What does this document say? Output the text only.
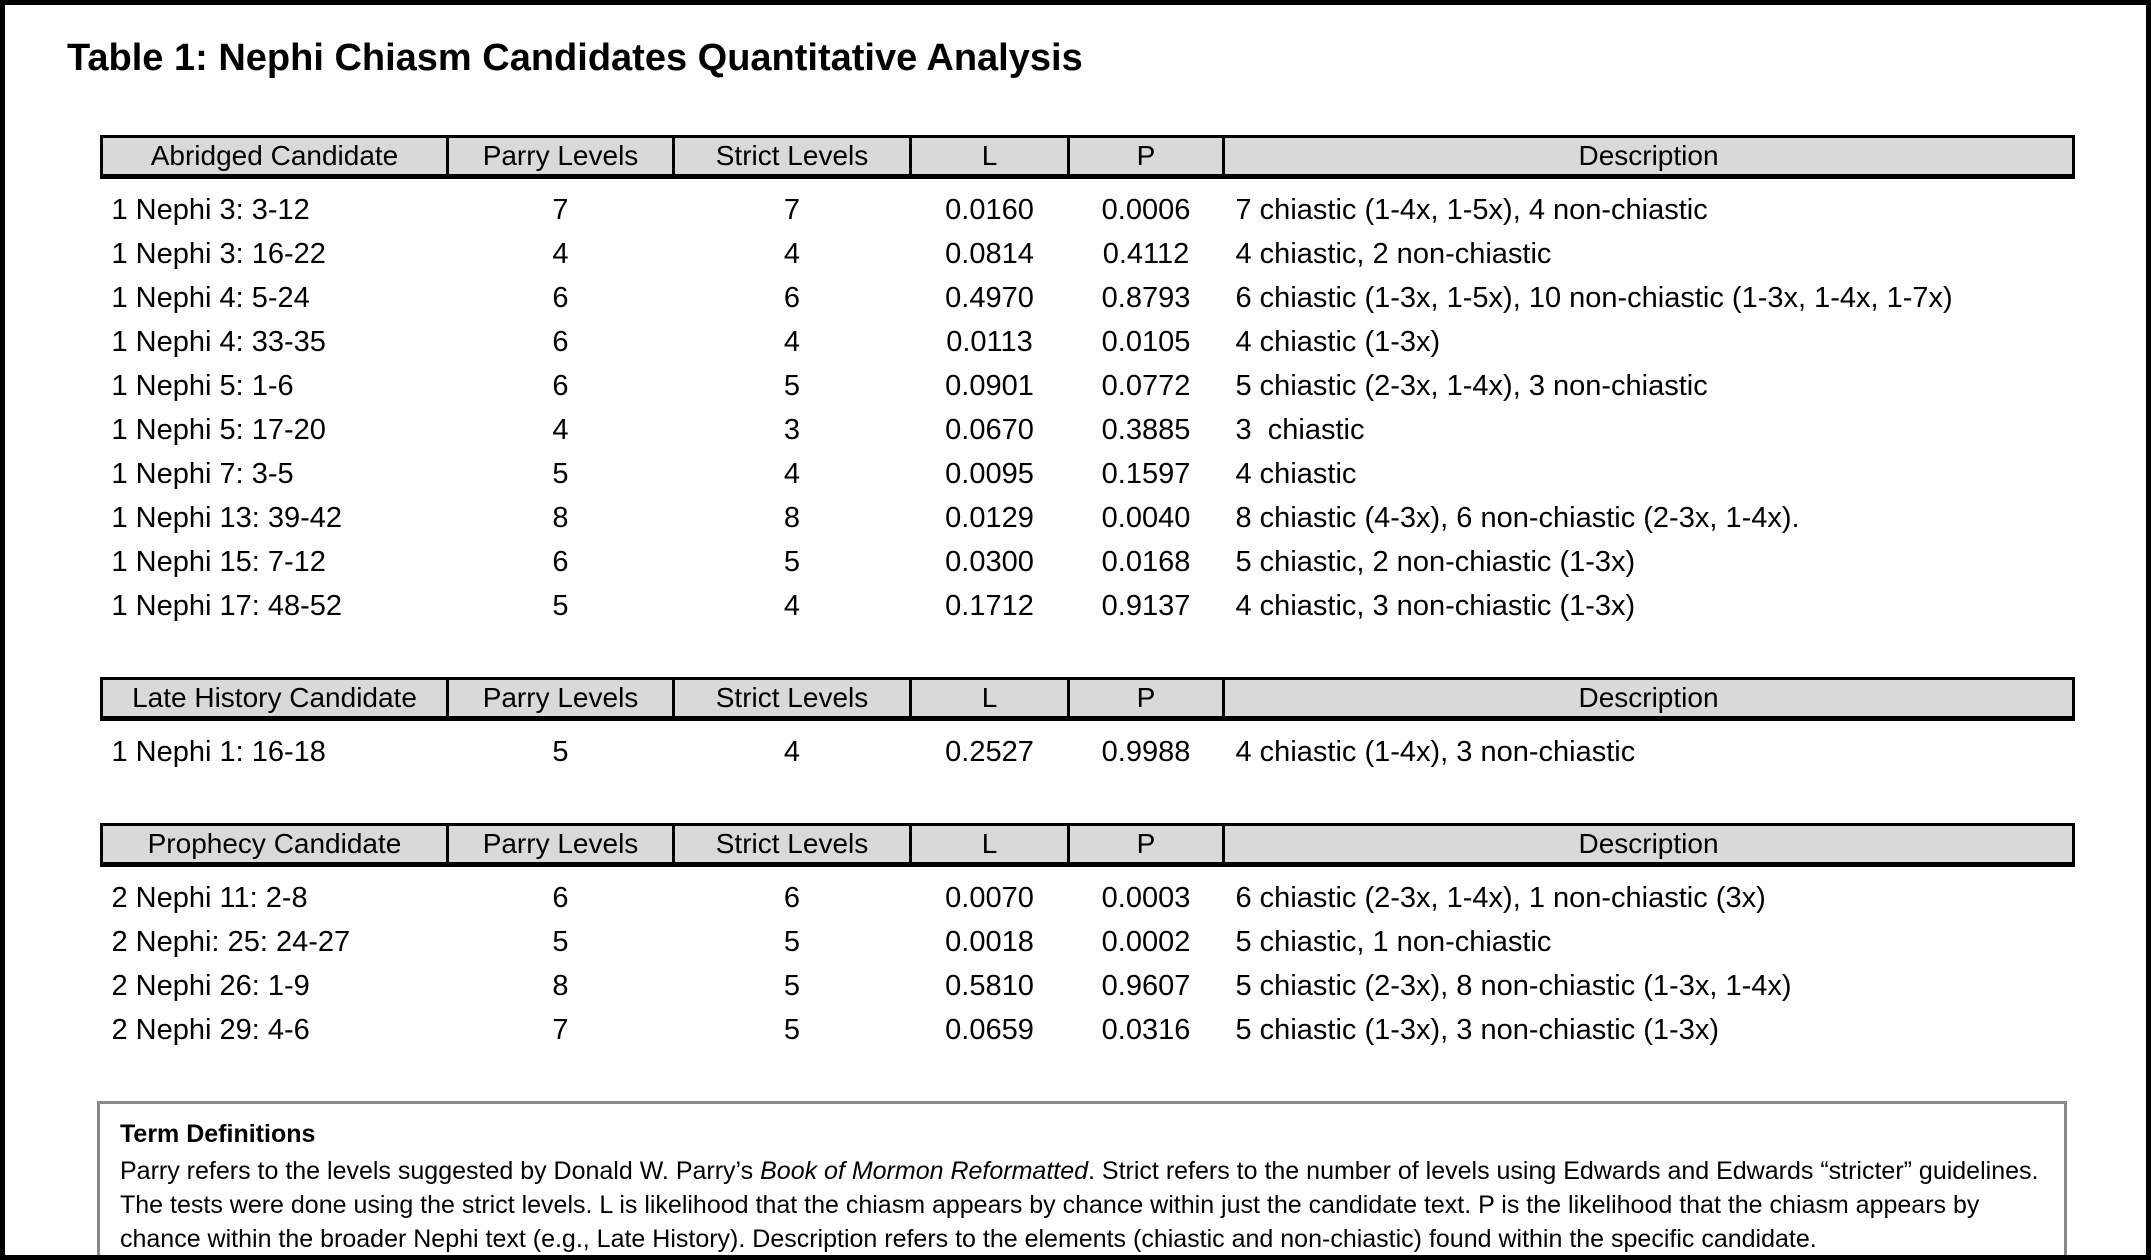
Table 1: Nephi Chiasm Candidates Quantitative Analysis
Abridged Candidate	Parry Levels	Strict Levels	L	P	Description
1 Nephi 3: 3-12	7	7	0.0160	0.0006	7 chiastic (1-4x, 1-5x), 4 non-chiastic
1 Nephi 3: 16-22	4	4	0.0814	0.4112	4 chiastic, 2 non-chiastic
1 Nephi 4: 5-24	6	6	0.4970	0.8793	6 chiastic (1-3x, 1-5x), 10 non-chiastic (1-3x, 1-4x, 1-7x)
1 Nephi 4: 33-35	6	4	0.0113	0.0105	4 chiastic (1-3x)
1 Nephi 5: 1-6	6	5	0.0901	0.0772	5 chiastic (2-3x, 1-4x), 3 non-chiastic
1 Nephi 5: 17-20	4	3	0.0670	0.3885	3  chiastic
1 Nephi 7: 3-5	5	4	0.0095	0.1597	4 chiastic
1 Nephi 13: 39-42	8	8	0.0129	0.0040	8 chiastic (4-3x), 6 non-chiastic (2-3x, 1-4x).
1 Nephi 15: 7-12	6	5	0.0300	0.0168	5 chiastic, 2 non-chiastic (1-3x)
1 Nephi 17: 48-52	5	4	0.1712	0.9137	4 chiastic, 3 non-chiastic (1-3x)
Late History Candidate	Parry Levels	Strict Levels	L	P	Description
1 Nephi 1: 16-18	5	4	0.2527	0.9988	4 chiastic (1-4x), 3 non-chiastic
Prophecy Candidate	Parry Levels	Strict Levels	L	P	Description
2 Nephi 11: 2-8	6	6	0.0070	0.0003	6 chiastic (2-3x, 1-4x), 1 non-chiastic (3x)
2 Nephi: 25: 24-27	5	5	0.0018	0.0002	5 chiastic, 1 non-chiastic
2 Nephi 26: 1-9	8	5	0.5810	0.9607	5 chiastic (2-3x), 8 non-chiastic (1-3x, 1-4x)
2 Nephi 29: 4-6	7	5	0.0659	0.0316	5 chiastic (1-3x), 3 non-chiastic (1-3x)

Term Definitions

Parry refers to the levels suggested by Donald W. Parry’s Book of Mormon Reformatted. Strict refers to the number of levels using Edwards and Edwards “stricter” guidelines. The tests were done using the strict levels. L is likelihood that the chiasm appears by chance within just the candidate text. P is the likelihood that the chiasm appears by chance within the broader Nephi text (e.g., Late History). Description refers to the elements (chiastic and non-chiastic) found within the specific candidate.
